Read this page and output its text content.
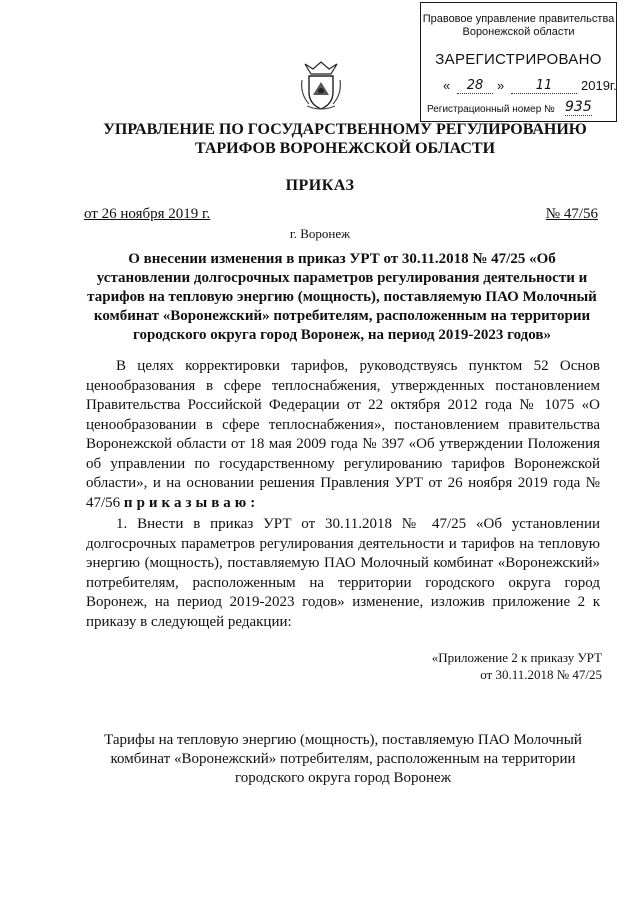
Правовое управление правительства
Воронежской области
ЗАРЕГИСТРИРОВАНО
«	28	»	11	2019г.
Регистрационный номер № 935
УПРАВЛЕНИЕ ПО ГОСУДАРСТВЕННОМУ РЕГУЛИРОВАНИЮ
ТАРИФОВ ВОРОНЕЖСКОЙ ОБЛАСТИ
ПРИКАЗ
от 26 ноября 2019 г.	№ 47/56
г. Воронеж
О внесении изменения в приказ УРТ от 30.11.2018 № 47/25 «Об установлении долгосрочных параметров регулирования деятельности и тарифов на тепловую энергию (мощность), поставляемую ПАО Молочный комбинат «Воронежский» потребителям, расположенным на территории городского округа город Воронеж, на период 2019-2023 годов»
В целях корректировки тарифов, руководствуясь пунктом 52 Основ ценообразования в сфере теплоснабжения, утвержденных постановлением Правительства Российской Федерации от 22 октября 2012 года № 1075 «О ценообразовании в сфере теплоснабжения», постановлением правительства Воронежской области от 18 мая 2009 года № 397 «Об утверждении Положения об управлении по государственному регулированию тарифов Воронежской области», и на основании решения Правления УРТ от 26 ноября 2019 года № 47/56 приказываю:
1. Внести в приказ УРТ от 30.11.2018 № 47/25 «Об установлении долгосрочных параметров регулирования деятельности и тарифов на тепловую энергию (мощность), поставляемую ПАО Молочный комбинат «Воронежский» потребителям, расположенным на территории городского округа город Воронеж, на период 2019-2023 годов» изменение, изложив приложение 2 к приказу в следующей редакции:
«Приложение 2 к приказу УРТ
от 30.11.2018 № 47/25
Тарифы на тепловую энергию (мощность), поставляемую ПАО Молочный комбинат «Воронежский» потребителям, расположенным на территории городского округа город Воронеж
